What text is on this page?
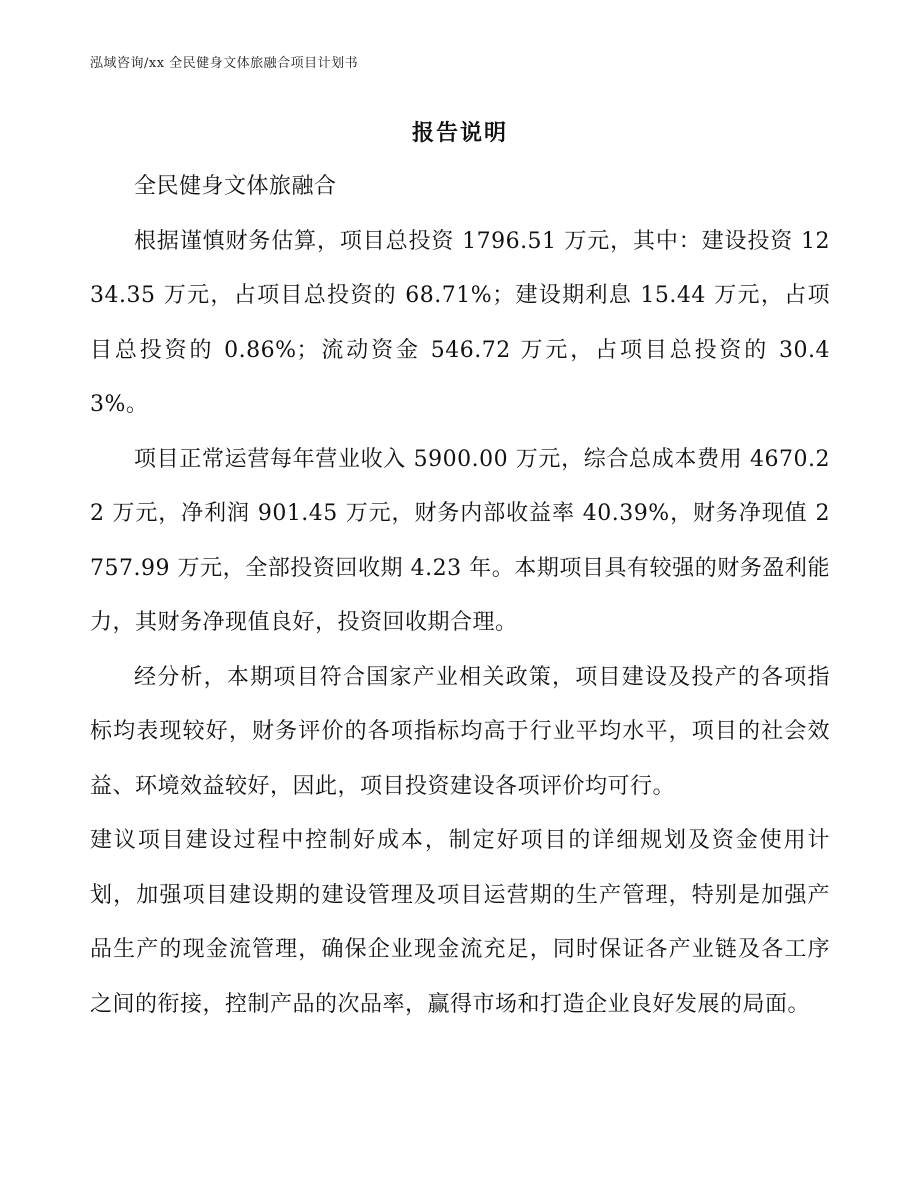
泓域咨询/xx 全民健身文体旅融合项目计划书
报告说明

全民健身文体旅融合

根据谨慎财务估算，项目总投资 1796.51 万元，其中：建设投资 1234.35 万元，占项目总投资的 68.71%；建设期利息 15.44 万元，占项目总投资的 0.86%；流动资金 546.72 万元，占项目总投资的 30.43%。

项目正常运营每年营业收入 5900.00 万元，综合总成本费用 4670.22 万元，净利润 901.45 万元，财务内部收益率 40.39%，财务净现值 2757.99 万元，全部投资回收期 4.23 年。本期项目具有较强的财务盈利能力，其财务净现值良好，投资回收期合理。

经分析，本期项目符合国家产业相关政策，项目建设及投产的各项指标均表现较好，财务评价的各项指标均高于行业平均水平，项目的社会效益、环境效益较好，因此，项目投资建设各项评价均可行。

建议项目建设过程中控制好成本，制定好项目的详细规划及资金使用计划，加强项目建设期的建设管理及项目运营期的生产管理，特别是加强产品生产的现金流管理，确保企业现金流充足，同时保证各产业链及各工序之间的衔接，控制产品的次品率，赢得市场和打造企业良好发展的局面。
